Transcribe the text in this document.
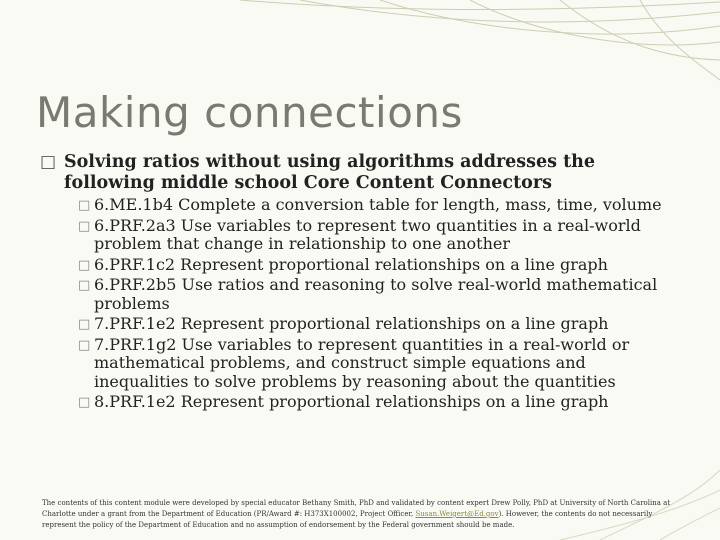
Making connections

□ Solving ratios without using algorithms addresses the following middle school Core Content Connectors

□ 6.ME.1b4 Complete a conversion table for length, mass, time, volume
□ 6.PRF.2a3 Use variables to represent two quantities in a real-world problem that change in relationship to one another
□ 6.PRF.1c2 Represent proportional relationships on a line graph
□ 6.PRF.2b5 Use ratios and reasoning to solve real-world mathematical problems
□ 7.PRF.1e2 Represent proportional relationships on a line graph
□ 7.PRF.1g2 Use variables to represent quantities in a real-world or mathematical problems, and construct simple equations and inequalities to solve problems by reasoning about the quantities
□ 8.PRF.1e2 Represent proportional relationships on a line graph

The contents of this content module were developed by special educator Bethany Smith, PhD and validated by content expert Drew Polly, PhD at University of North Carolina at Charlotte under a grant from the Department of Education (PR/Award #: H373X100002, Project Officer, Susan.Weigert@Ed.gov). However, the contents do not necessarily represent the policy of the Department of Education and no assumption of endorsement by the Federal government should be made.
